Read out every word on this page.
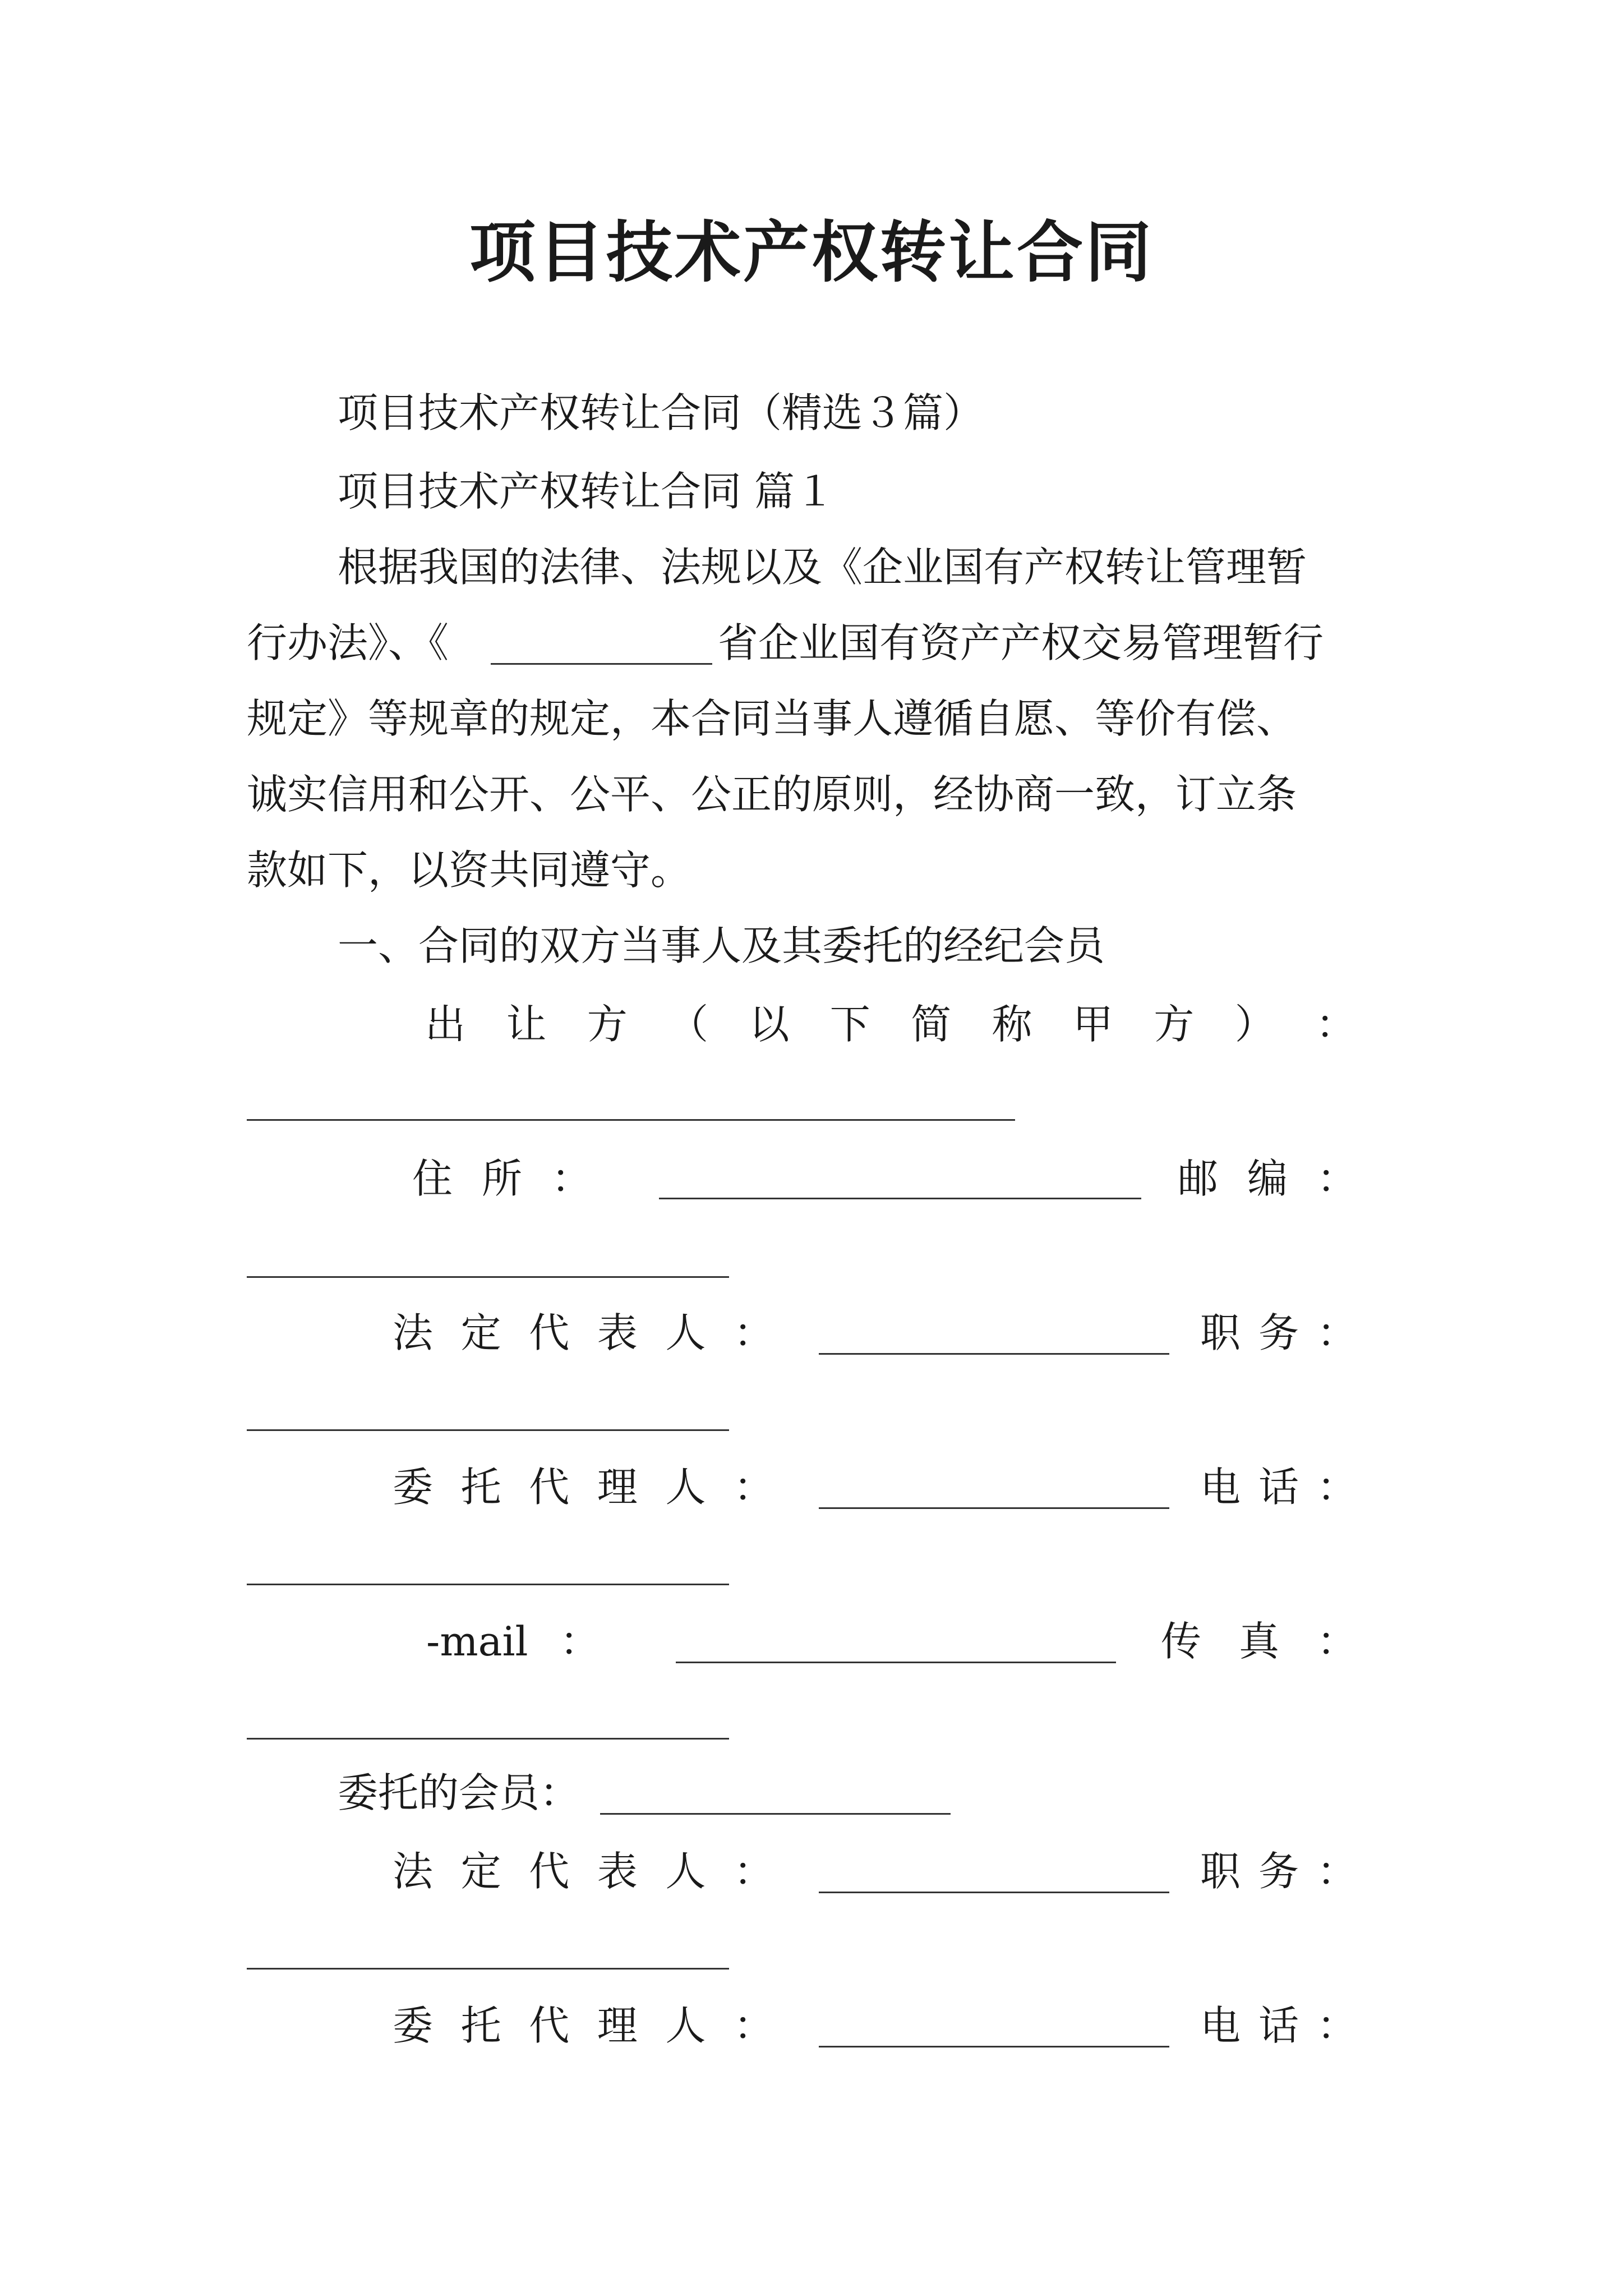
项目技术产权转让合同
项目技术产权转让合同（精选３篇）
项目技术产权转让合同 篇１
根据我国的法律、法规以及《企业国有产权转让管理暂
行办法》、《	省企业国有资产产权交易管理暂行
规定》等规章的规定，本合同当事人遵循自愿、等价有偿、
诚实信用和公开、公平、公正的原则，经协商一致，订立条
款如下，以资共同遵守。
一、合同的双方当事人及其委托的经纪会员
出 让 方 （ 以 下 简 称 甲 方 ） ：
住 所 ：	邮 编 ：
法 定 代 表 人 ：	职 务 ：
委 托 代 理 人 ：	电 话 ：
-mail ：	传 真 ：
委托的会员：
法 定 代 表 人 ：	职 务 ：
委 托 代 理 人 ：	电 话 ：
